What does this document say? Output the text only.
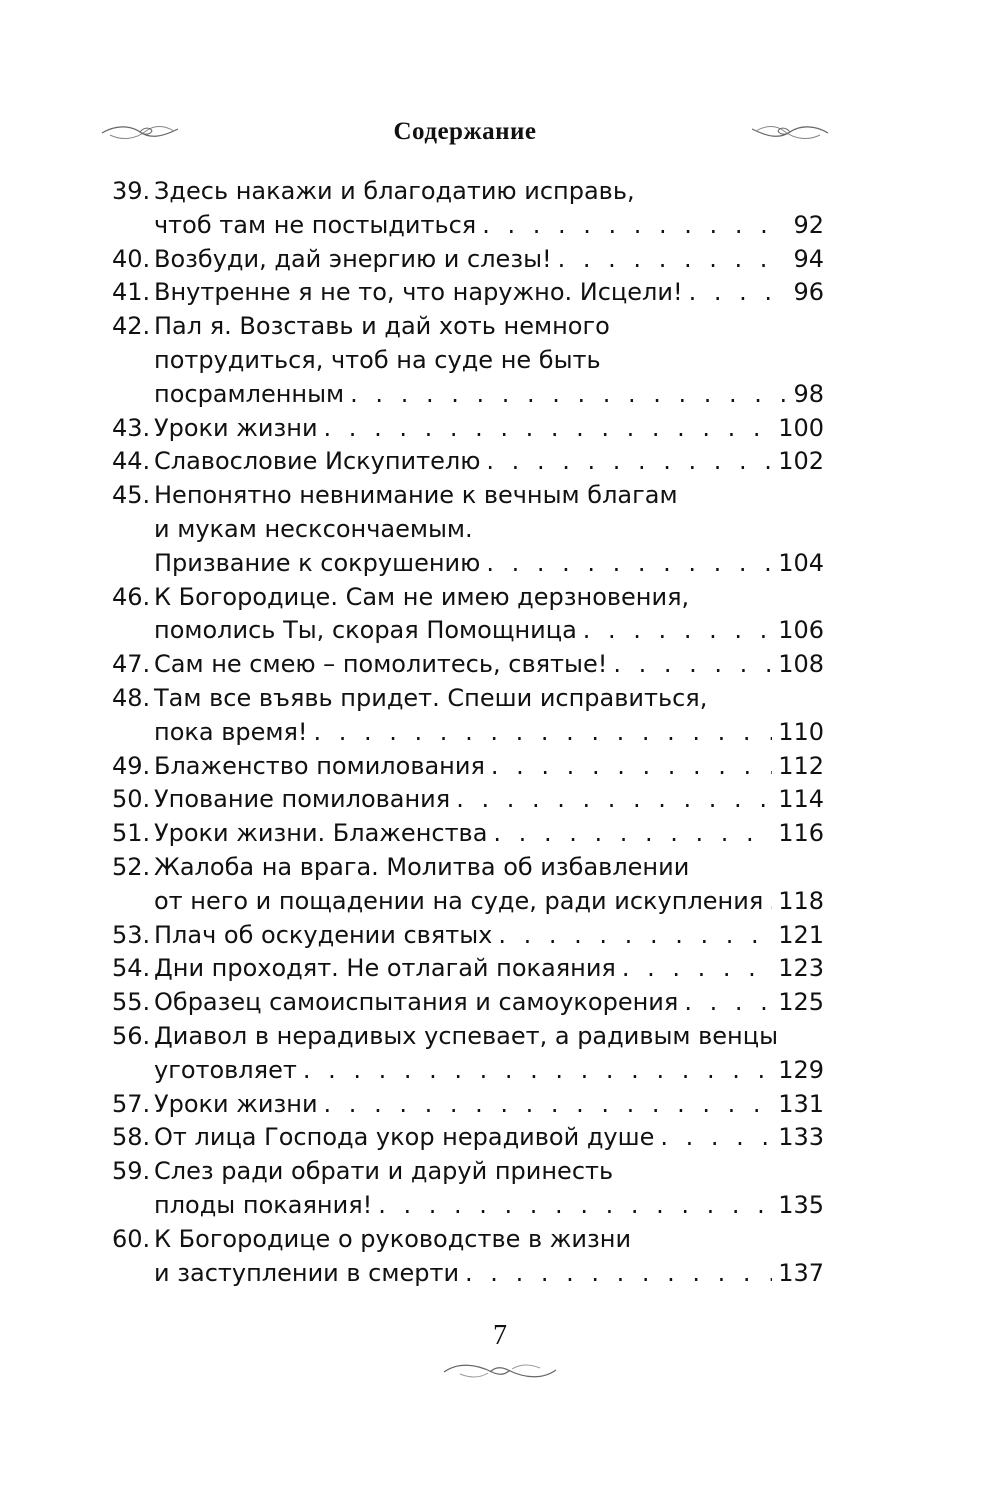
Содержание
39. Здесь накажи и благодатию исправь,
чтоб там не постыдиться . . .	92
40. Возбуди, дай энергию и слезы! . . .	94
41. Внутренне я не то, что наружно. Исцели! . . .	96
42. Пал я. Возставь и дай хоть немного
потрудиться, чтоб на суде не быть
посрамленным . . .	98
43. Уроки жизни . . .	100
44. Славословие Искупителю . . .	102
45. Непонятно невнимание к вечным благам
и мукам несксончаемым.
Призвание к сокрушению . . .	104
46. К Богородице. Сам не имею дерзновения,
помолись Ты, скорая Помощница . . .	106
47. Сам не смею – помолитесь, святые! . . .	108
48. Там все въявь придет. Спеши исправиться,
пока время! . . .	110
49. Блаженство помилования . . .	112
50. Упование помилования . . .	114
51. Уроки жизни. Блаженства . . .	116
52. Жалоба на врага. Молитва об избавлении
от него и пощадении на суде, ради искупления . . . 118
53. Плач об оскудении святых . . .	121
54. Дни проходят. Не отлагай покаяния . . .	123
55. Образец самоиспытания и самоукорения . . .	125
56. Диавол в нерадивых успевает, а радивым венцы
уготовляет . . .	129
57. Уроки жизни . . .	131
58. От лица Господа укор нерадивой душе . . .	133
59. Слез ради обрати и даруй принесть
плоды покаяния! . . .	135
60. К Богородице о руководстве в жизни
и заступлении в смерти . . .	137
7
